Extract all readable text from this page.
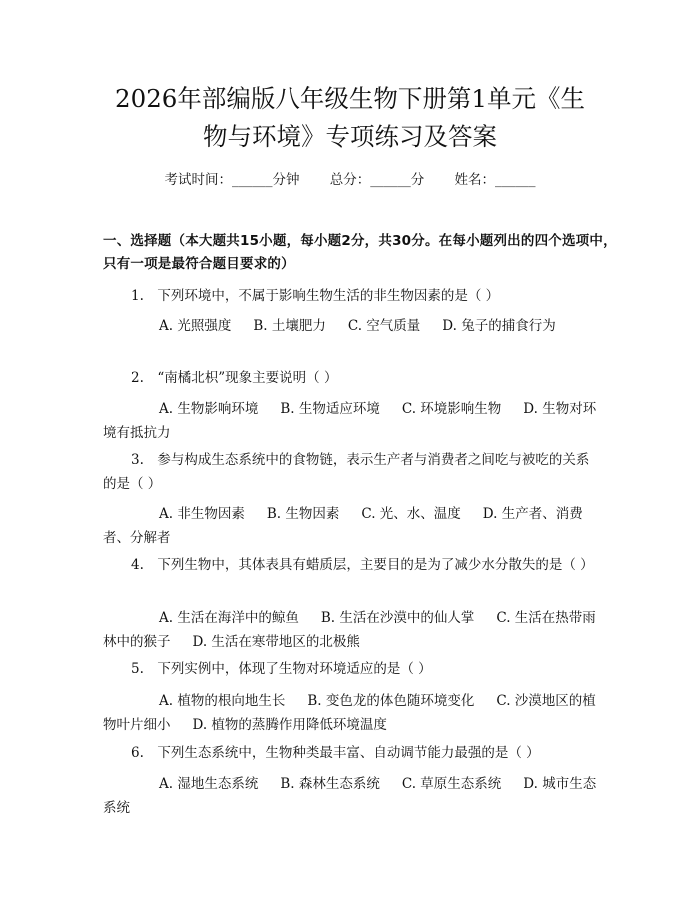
2026年部编版八年级生物下册第1单元《生
物与环境》专项练习及答案
考试时间：______分钟 总分：______分 姓名：______

一、选择题（本大题共15小题，每小题2分，共30分。在每小题列出的四个选项中，只有一项是最符合题目要求的）

1.　下列环境中，不属于影响生物生活的非生物因素的是（ ）

A. 光照强度 B. 土壤肥力 C. 空气质量 D. 兔子的捕食行为

2.　“南橘北枳”现象主要说明（ ）

A. 生物影响环境 B. 生物适应环境 C. 环境影响生物 D. 生物对环境有抵抗力

3.　参与构成生态系统中的食物链，表示生产者与消费者之间吃与被吃的关系的是（ ）

A. 非生物因素 B. 生物因素 C. 光、水、温度 D. 生产者、消费者、分解者

4.　下列生物中，其体表具有蜡质层，主要目的是为了减少水分散失的是（ ）

A. 生活在海洋中的鲸鱼 B. 生活在沙漠中的仙人掌 C. 生活在热带雨林中的猴子 D. 生活在寒带地区的北极熊

5.　下列实例中，体现了生物对环境适应的是（ ）

A. 植物的根向地生长 B. 变色龙的体色随环境变化 C. 沙漠地区的植物叶片细小 D. 植物的蒸腾作用降低环境温度

6.　下列生态系统中，生物种类最丰富、自动调节能力最强的是（ ）

A. 湿地生态系统 B. 森林生态系统 C. 草原生态系统 D. 城市生态系统
